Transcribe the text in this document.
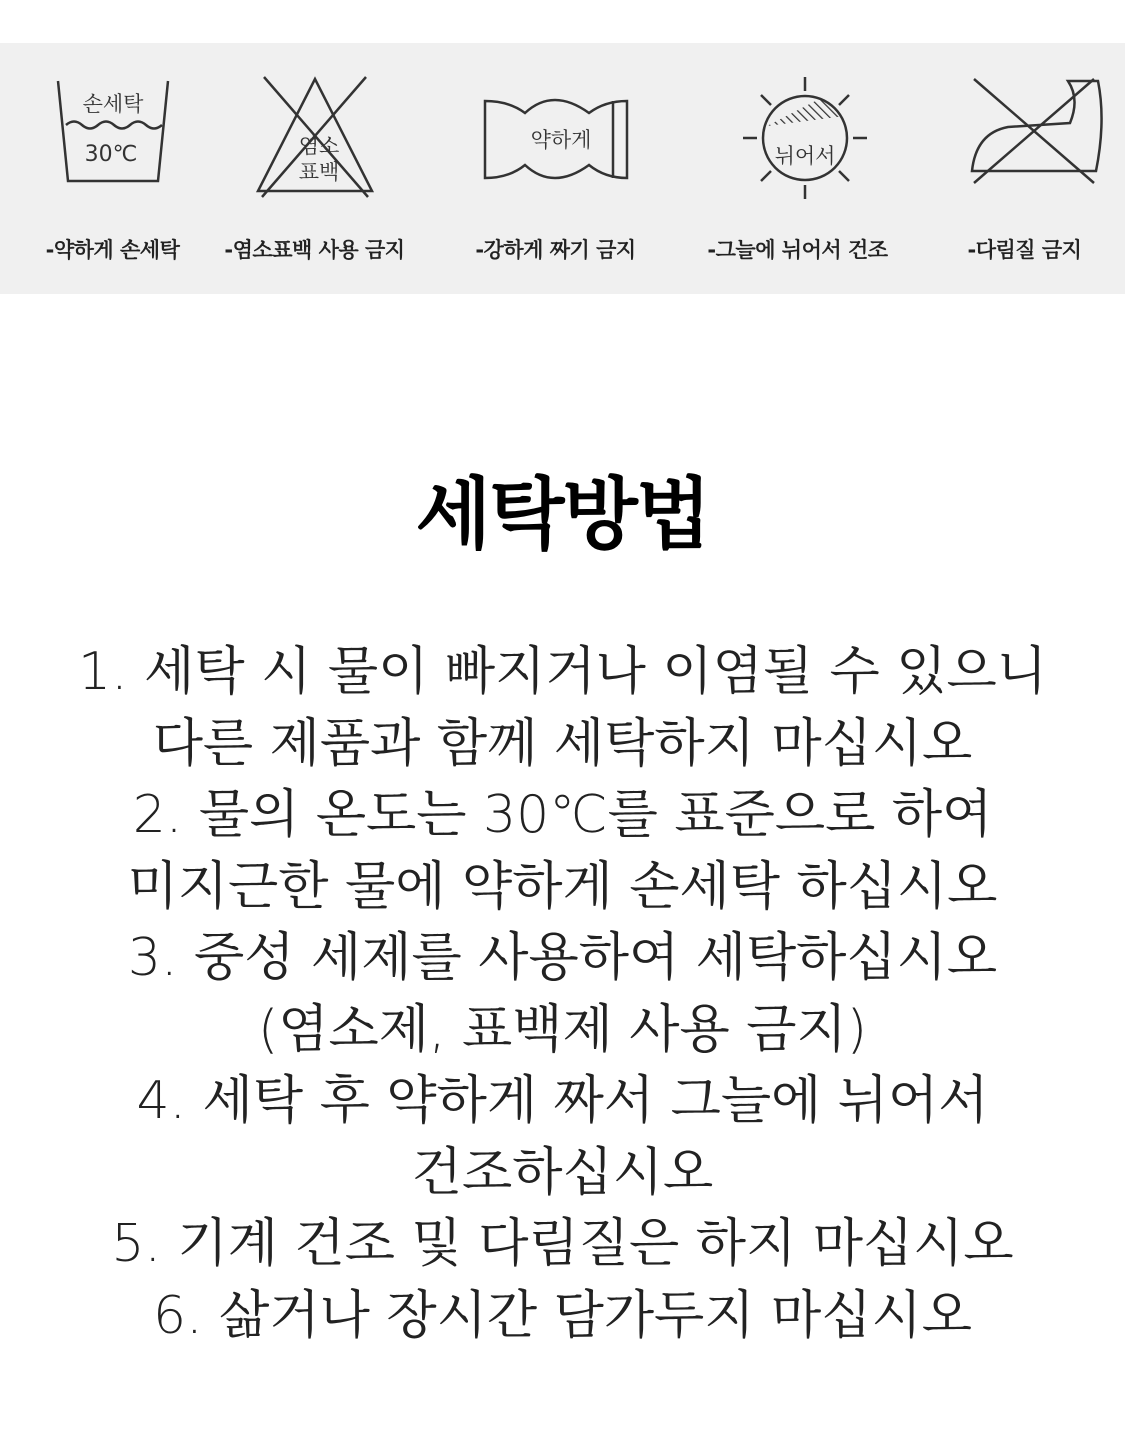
손세탁
30℃
-약하게 손세탁
염소
표백
-염소표백 사용 금지
약하게
-강하게 짜기 금지
뉘어서
-그늘에 뉘어서 건조	-다림질 금지
세탁방법
1. 세탁 시 물이 빠지거나 이염될 수 있으니
다른 제품과 함께 세탁하지 마십시오
2. 물의 온도는 30℃를 표준으로 하여
미지근한 물에 약하게 손세탁 하십시오
3. 중성 세제를 사용하여 세탁하십시오
(염소제, 표백제 사용 금지)
4. 세탁 후 약하게 짜서 그늘에 뉘어서
건조하십시오
5. 기계 건조 및 다림질은 하지 마십시오
6. 삶거나 장시간 담가두지 마십시오
